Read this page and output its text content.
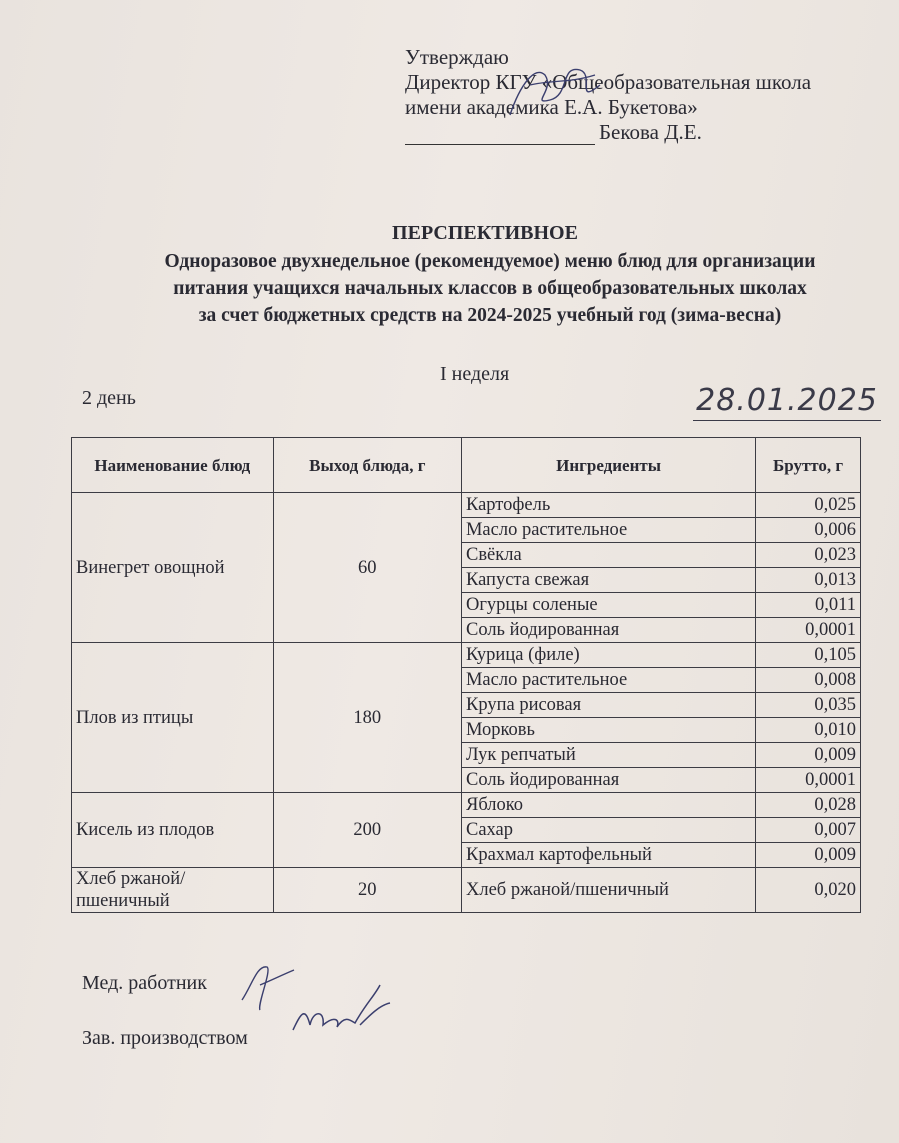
Утверждаю
Директор КГУ «Общеобразовательная школа
имени академика Е.А. Букетова»
Бекова Д.Е.
ПЕРСПЕКТИВНОЕ
Одноразовое двухнедельное (рекомендуемое) меню блюд для организации
питания учащихся начальных классов в общеобразовательных школах
за счет бюджетных средств на 2024-2025 учебный год (зима-весна)
I неделя
2 день	28.01.2025
Наименование блюд	Выход блюда, г	Ингредиенты	Брутто, г
Винегрет овощной	60	Картофель	0,025
		Масло растительное	0,006
		Свёкла	0,023
		Капуста свежая	0,013
		Огурцы соленые	0,011
		Соль йодированная	0,0001
Плов из птицы	180	Курица (филе)	0,105
		Масло растительное	0,008
		Крупа рисовая	0,035
		Морковь	0,010
		Лук репчатый	0,009
		Соль йодированная	0,0001
Кисель из плодов	200	Яблоко	0,028
		Сахар	0,007
		Крахмал картофельный	0,009
Хлеб ржаной/ пшеничный	20	Хлеб ржаной/пшеничный	0,020
Мед. работник
Зав. производством
